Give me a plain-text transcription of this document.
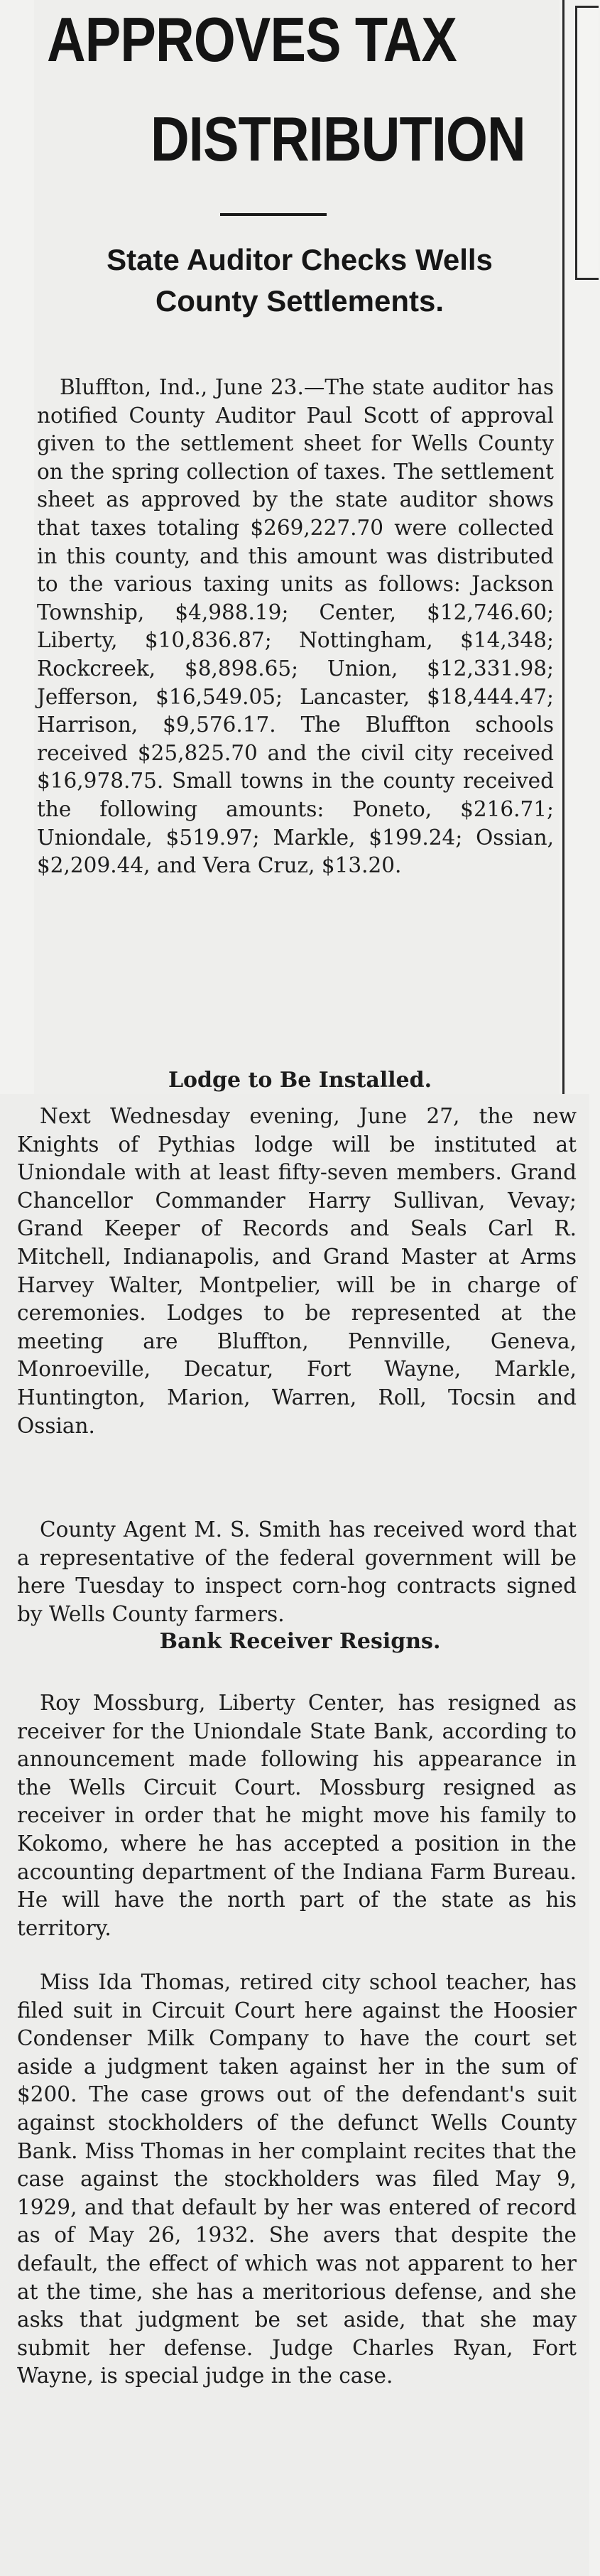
APPROVES TAX
DISTRIBUTION
State Auditor Checks Wells
County Settlements.
Bluffton, Ind., June 23.—The state auditor has notified County Auditor Paul Scott of approval given to the settlement sheet for Wells County on the spring collection of taxes. The settlement sheet as approved by the state auditor shows that taxes totaling $269,227.70 were collected in this county, and this amount was distributed to the various taxing units as follows: Jackson Township, $4,988.19; Center, $12,746.60; Liberty, $10,836.87; Nottingham, $14,348; Rockcreek, $8,898.65; Union, $12,331.98; Jefferson, $16,549.05; Lancaster, $18,444.47; Harrison, $9,576.17. The Bluffton schools received $25,825.70 and the civil city received $16,978.75. Small towns in the county received the following amounts: Poneto, $216.71; Uniondale, $519.97; Markle, $199.24; Ossian, $2,209.44, and Vera Cruz, $13.20.
Lodge to Be Installed.
Next Wednesday evening, June 27, the new Knights of Pythias lodge will be instituted at Uniondale with at least fifty-seven members. Grand Chancellor Commander Harry Sullivan, Vevay; Grand Keeper of Records and Seals Carl R. Mitchell, Indianapolis, and Grand Master at Arms Harvey Walter, Montpelier, will be in charge of ceremonies. Lodges to be represented at the meeting are Bluffton, Pennville, Geneva, Monroeville, Decatur, Fort Wayne, Markle, Huntington, Marion, Warren, Roll, Tocsin and Ossian.
County Agent M. S. Smith has received word that a representative of the federal government will be here Tuesday to inspect corn-hog contracts signed by Wells County farmers.
Bank Receiver Resigns.
Roy Mossburg, Liberty Center, has resigned as receiver for the Uniondale State Bank, according to announcement made following his appearance in the Wells Circuit Court. Mossburg resigned as receiver in order that he might move his family to Kokomo, where he has accepted a position in the accounting department of the Indiana Farm Bureau. He will have the north part of the state as his territory.
Miss Ida Thomas, retired city school teacher, has filed suit in Circuit Court here against the Hoosier Condenser Milk Company to have the court set aside a judgment taken against her in the sum of $200. The case grows out of the defendant's suit against stockholders of the defunct Wells County Bank. Miss Thomas in her complaint recites that the case against the stockholders was filed May 9, 1929, and that default by her was entered of record as of May 26, 1932. She avers that despite the default, the effect of which was not apparent to her at the time, she has a meritorious defense, and she asks that judgment be set aside, that she may submit her defense. Judge Charles Ryan, Fort Wayne, is special judge in the case.
